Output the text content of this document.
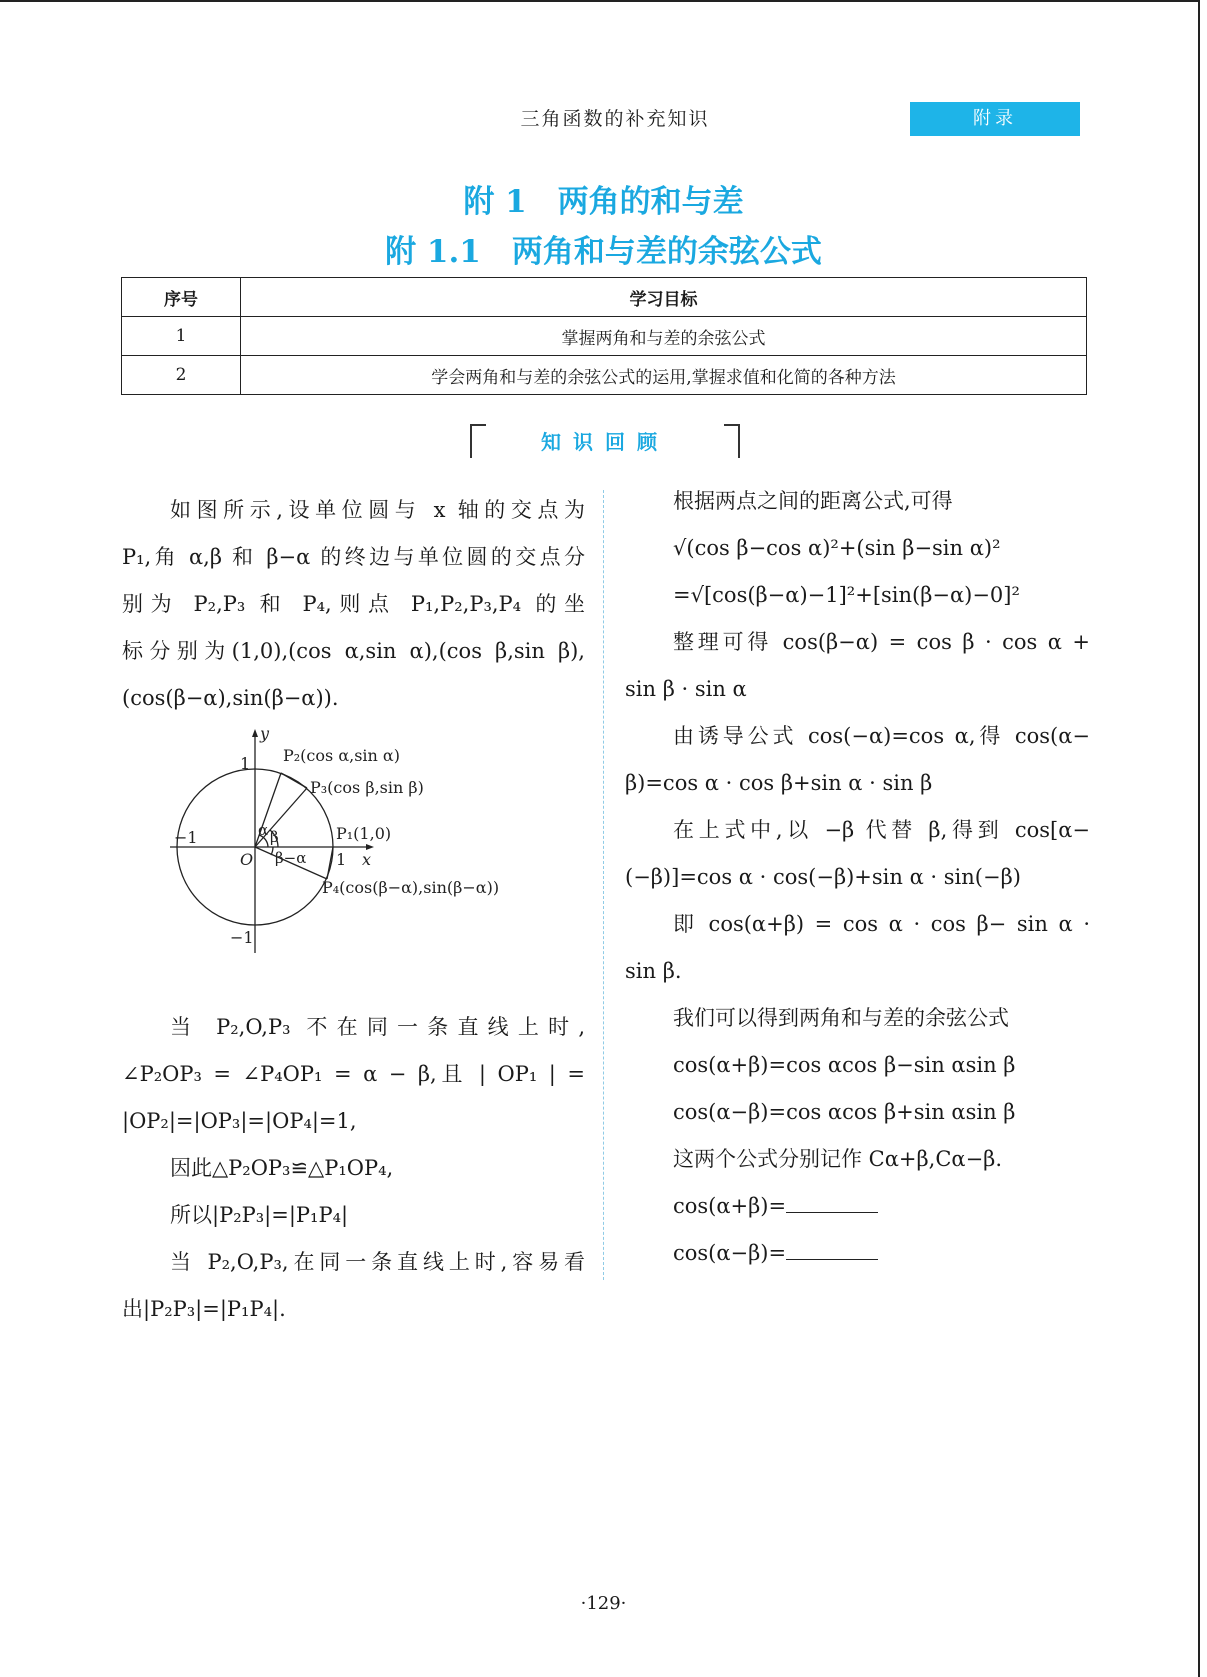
三角函数的补充知识	附录
附 1　两角的和与差
附 1.1　两角和与差的余弦公式
序号	学习目标
1	掌握两角和与差的余弦公式
2	学会两角和与差的余弦公式的运用,掌握求值和化简的各种方法
知识回顾

如图所示,设单位圆与 x 轴的交点为

P₁,角 α,β 和 β−α 的终边与单位圆的交点分

别为 P₂,P₃ 和 P₄,则点 P₁,P₂,P₃,P₄ 的坐

标分别为(1,0),(cos α,sin α),(cos β,sin β),

(cos(β−α),sin(β−α)).

当 P₂,O,P₃ 不在同一条直线上时,

∠P₂OP₃ = ∠P₄OP₁ = α − β,且 | OP₁ | =

|OP₂|=|OP₃|=|OP₄|=1,

因此△P₂OP₃≌△P₁OP₄,

所以|P₂P₃|=|P₁P₄|

当 P₂,O,P₃,在同一条直线上时,容易看

出|P₂P₃|=|P₁P₄|.

y
x
O
1
1
−1
−1
P₁(1,0)
P₂(cos α,sin α)
P₃(cos β,sin β)
P₄(cos(β−α),sin(β−α))
α β
β−α

根据两点之间的距离公式,可得

√(cos β−cos α)²+(sin β−sin α)²

=√[cos(β−α)−1]²+[sin(β−α)−0]²

整理可得 cos(β−α) = cos β · cos α +

sin β · sin α

由诱导公式 cos(−α)=cos α,得 cos(α−

β)=cos α · cos β+sin α · sin β

在上式中,以 −β 代替 β,得到 cos[α−

(−β)]=cos α · cos(−β)+sin α · sin(−β)

即 cos(α+β) = cos α · cos β− sin α ·

sin β.

我们可以得到两角和与差的余弦公式

cos(α+β)=cos αcos β−sin αsin β

cos(α−β)=cos αcos β+sin αsin β

这两个公式分别记作 Cα+β,Cα−β.

cos(α+β)=

cos(α−β)=

·129·
